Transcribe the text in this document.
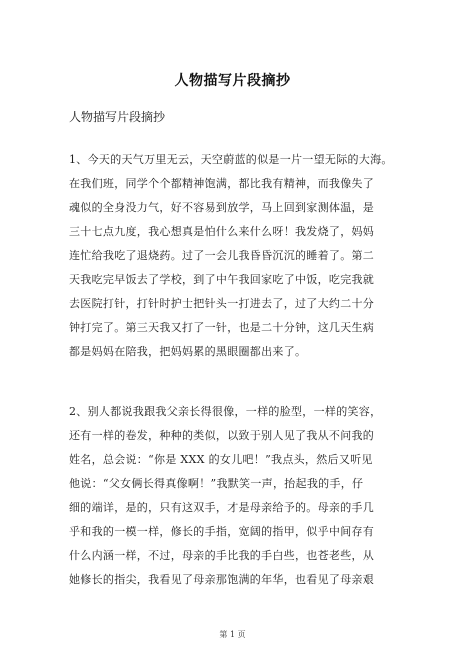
人物描写片段摘抄
人物描写片段摘抄
1、今天的天气万里无云，天空蔚蓝的似是一片一望无际的大海。
在我们班，同学个个都精神饱满，都比我有精神，而我像失了
魂似的全身没力气，好不容易到放学，马上回到家测体温，是
三十七点九度，我心想真是怕什么来什么呀！我发烧了，妈妈
连忙给我吃了退烧药。过了一会儿我昏昏沉沉的睡着了。第二
天我吃完早饭去了学校，到了中午我回家吃了中饭，吃完我就
去医院打针，打针时护士把针头一打进去了，过了大约二十分
钟打完了。第三天我又打了一针，也是二十分钟，这几天生病
都是妈妈在陪我，把妈妈累的黑眼圈都出来了。
2、别人都说我跟我父亲长得很像，一样的脸型，一样的笑容，
还有一样的卷发，种种的类似，以致于别人见了我从不问我的
姓名，总会说：“你是 XXX 的女儿吧！”我点头，然后又听见
他说：“父女俩长得真像啊！”我默笑一声，抬起我的手，仔
细的端详，是的，只有这双手，才是母亲给予的。母亲的手几
乎和我的一模一样，修长的手指，宽阔的指甲，似乎中间存有
什么内涵一样，不过，母亲的手比我的手白些，也苍老些，从
她修长的指尖，我看见了母亲那饱满的年华，也看见了母亲艰
第 1 页
